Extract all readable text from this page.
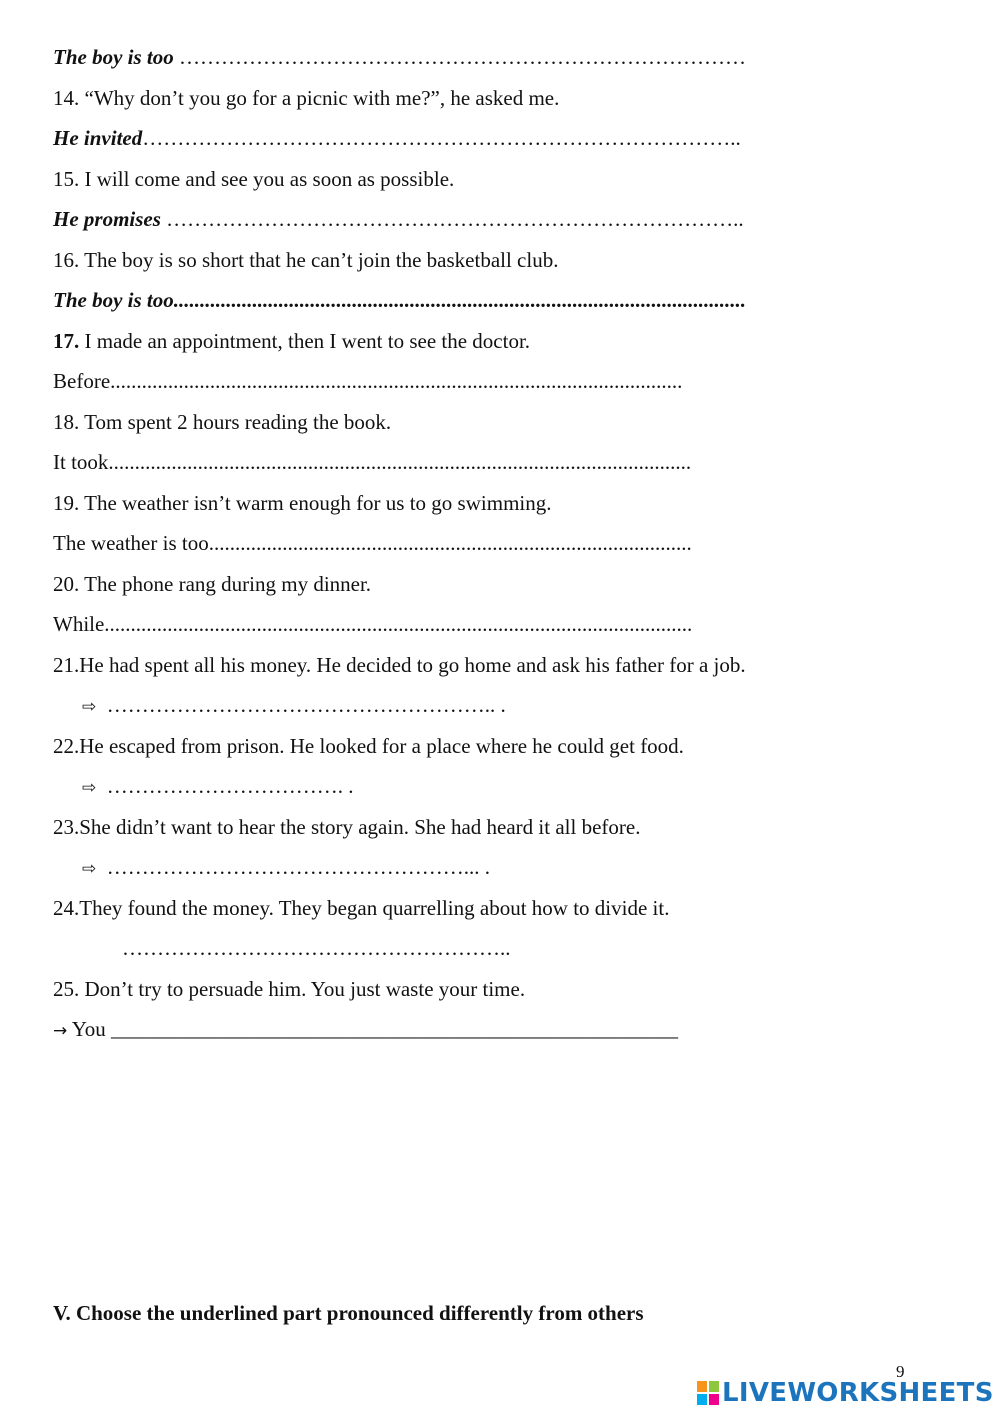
The boy is too ………………………………………………………………………
14. “Why don’t you go for a picnic with me?”, he asked me.
He invited…………………………………………………………………………..
15. I will come and see you as soon as possible.
He promises ………………………………………………………………………..
16. The boy is so short that he can’t join the basketball club.
The boy is too.............................................................................................................
17. I made an appointment, then I went to see the doctor.
Before.............................................................................................................
18. Tom spent 2 hours reading the book.
It took...............................................................................................................
19. The weather isn’t warm enough for us to go swimming.
The weather is too............................................................................................
20. The phone rang during my dinner.
While................................................................................................................
21.He had spent all his money. He decided to go home and ask his father for a job.
⇨  ……………………………………………….. .
22.He escaped from prison. He looked for a place where he could get food.
⇨  ……………………………. .
23.She didn’t want to hear the story again. She had heard it all before.
⇨  ……………………………………………... .
24.They found the money. They began quarrelling about how to divide it.
………………………………………………..
25. Don’t try to persuade him. You just waste your time.
→ You ______________________________________________________
V. Choose the underlined part pronounced differently from others
9
LIVEWORKSHEETS
